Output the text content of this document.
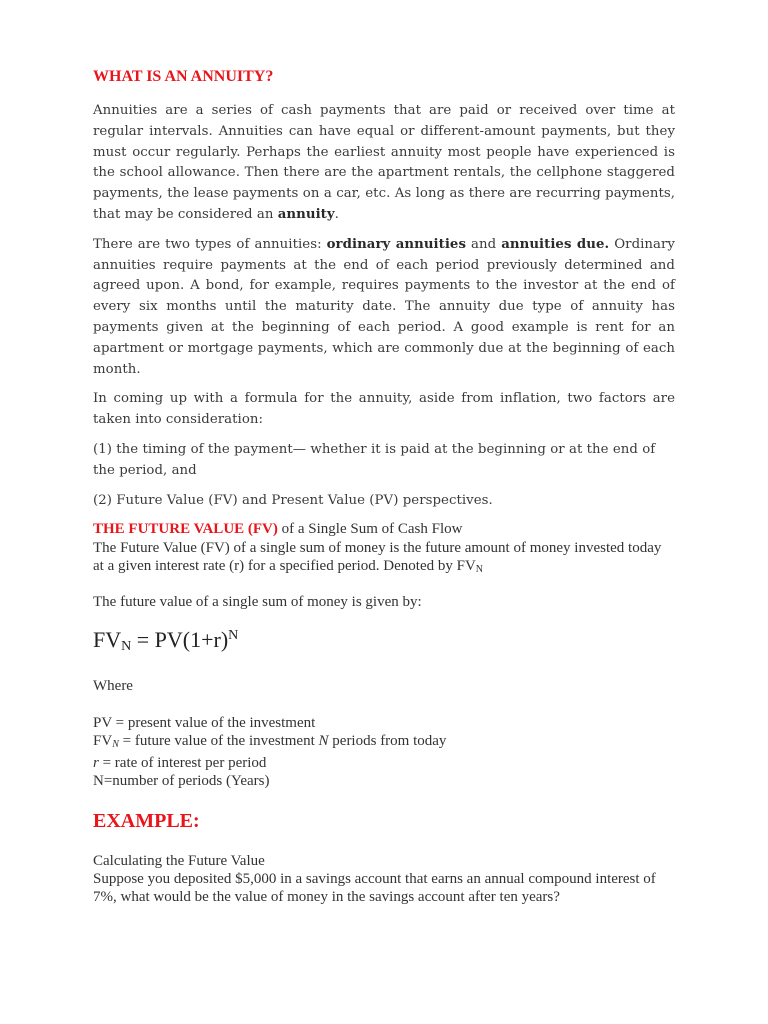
WHAT IS AN ANNUITY?

Annuities are a series of cash payments that are paid or received over time at regular intervals. Annuities can have equal or different-amount payments, but they must occur regularly. Perhaps the earliest annuity most people have experienced is the school allowance. Then there are the apartment rentals, the cellphone staggered payments, the lease payments on a car, etc. As long as there are recurring payments, that may be considered an annuity.

There are two types of annuities: ordinary annuities and annuities due. Ordinary annuities require payments at the end of each period previously determined and agreed upon. A bond, for example, requires payments to the investor at the end of every six months until the maturity date. The annuity due type of annuity has payments given at the beginning of each period. A good example is rent for an apartment or mortgage payments, which are commonly due at the beginning of each month.

In coming up with a formula for the annuity, aside from inflation, two factors are taken into consideration:

(1) the timing of the payment— whether it is paid at the beginning or at the end of the period, and

(2) Future Value (FV) and Present Value (PV) perspectives.

THE FUTURE VALUE (FV) of a Single Sum of Cash Flow

The Future Value (FV) of a single sum of money is the future amount of money invested today at a given interest rate (r) for a specified period. Denoted by $FV_N$

The future value of a single sum of money is given by:

$FV_N = PV(1+r)^N$

Where

PV = present value of the investment

$FV_N$ = future value of the investment N periods from today

r = rate of interest per period

N=number of periods (Years)

EXAMPLE:

Calculating the Future Value

Suppose you deposited $5,000 in a savings account that earns an annual compound interest of 7%, what would be the value of money in the savings account after ten years?
